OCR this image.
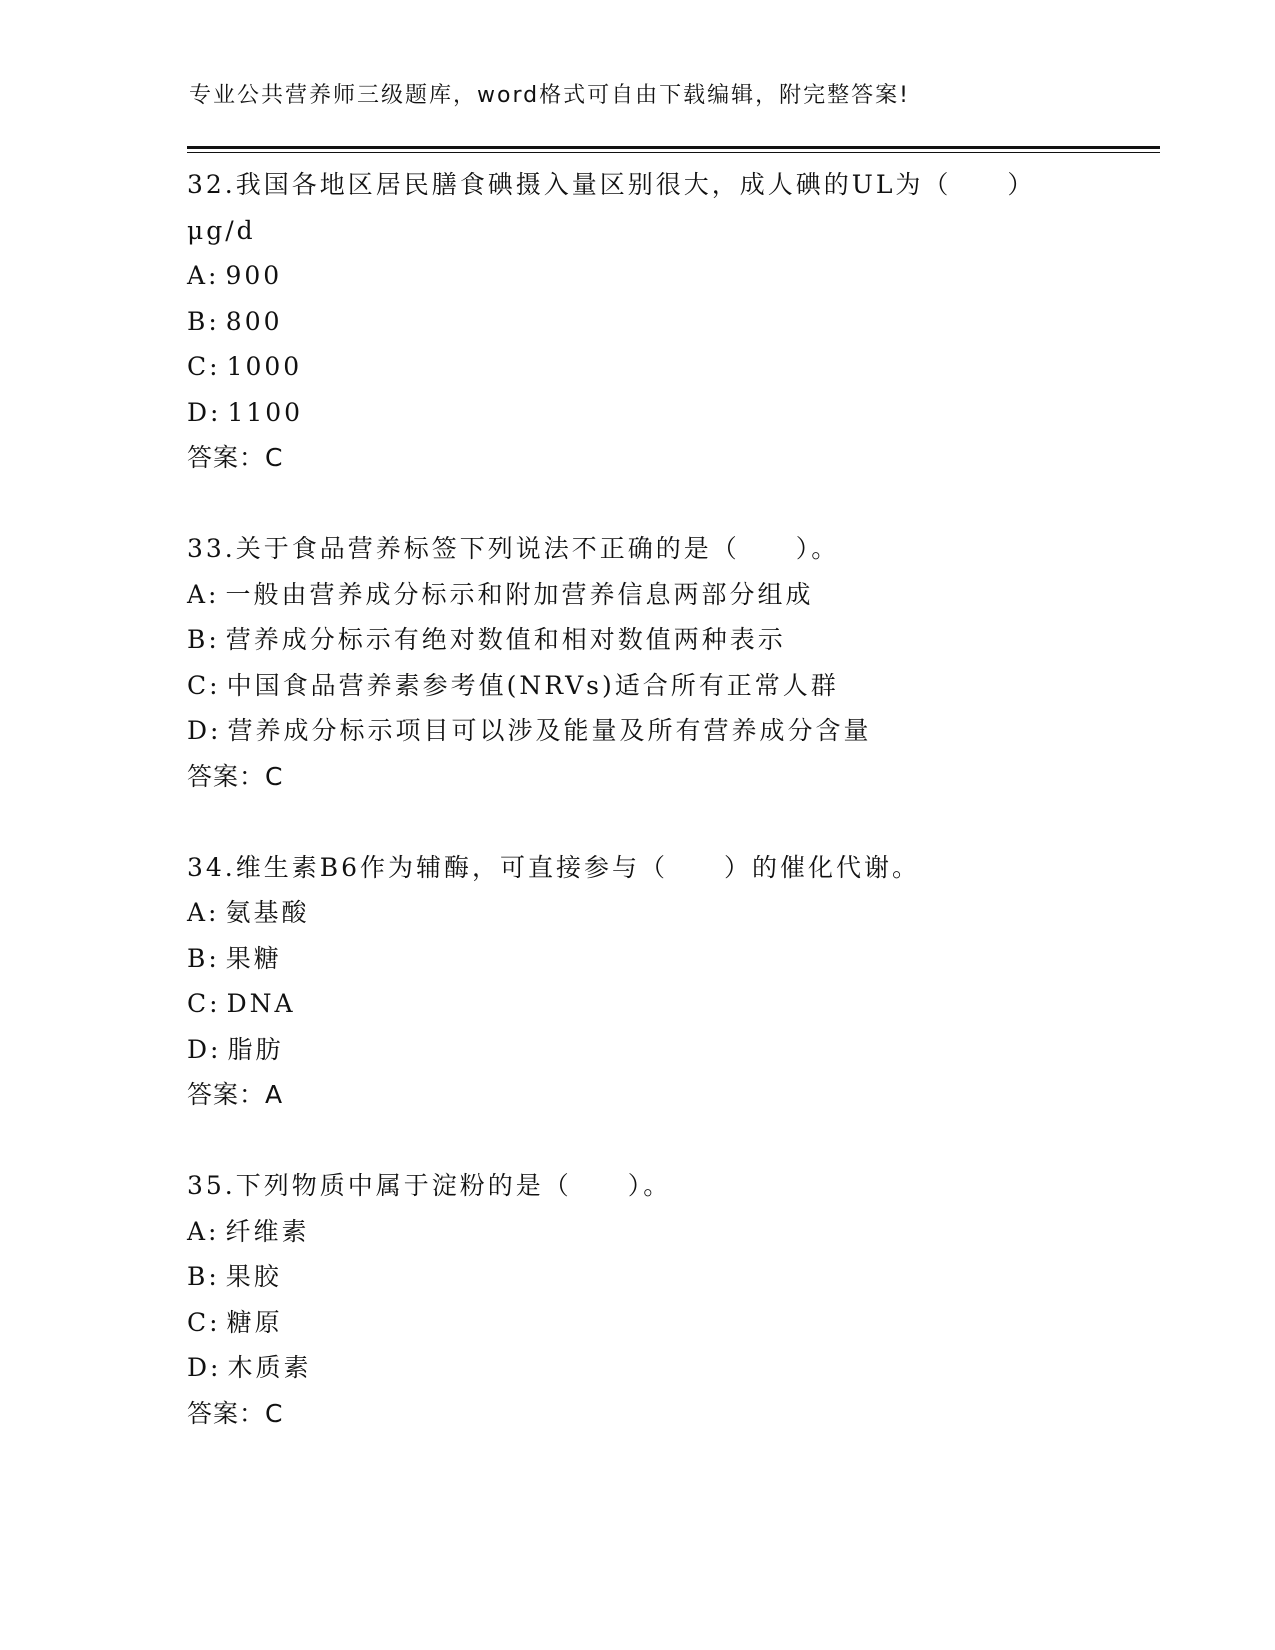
专业公共营养师三级题库，word格式可自由下载编辑，附完整答案!
32.我国各地区居民膳食碘摄入量区别很大，成人碘的UL为（　　）μg/d
A: 900
B: 800
C: 1000
D: 1100
答案：C
33.关于食品营养标签下列说法不正确的是（　　）。
A: 一般由营养成分标示和附加营养信息两部分组成
B: 营养成分标示有绝对数值和相对数值两种表示
C: 中国食品营养素参考值(NRVs)适合所有正常人群
D: 营养成分标示项目可以涉及能量及所有营养成分含量
答案：C
34.维生素B6作为辅酶，可直接参与（　　）的催化代谢。
A: 氨基酸
B: 果糖
C: DNA
D: 脂肪
答案：A
35.下列物质中属于淀粉的是（　　）。
A: 纤维素
B: 果胶
C: 糖原
D: 木质素
答案：C
